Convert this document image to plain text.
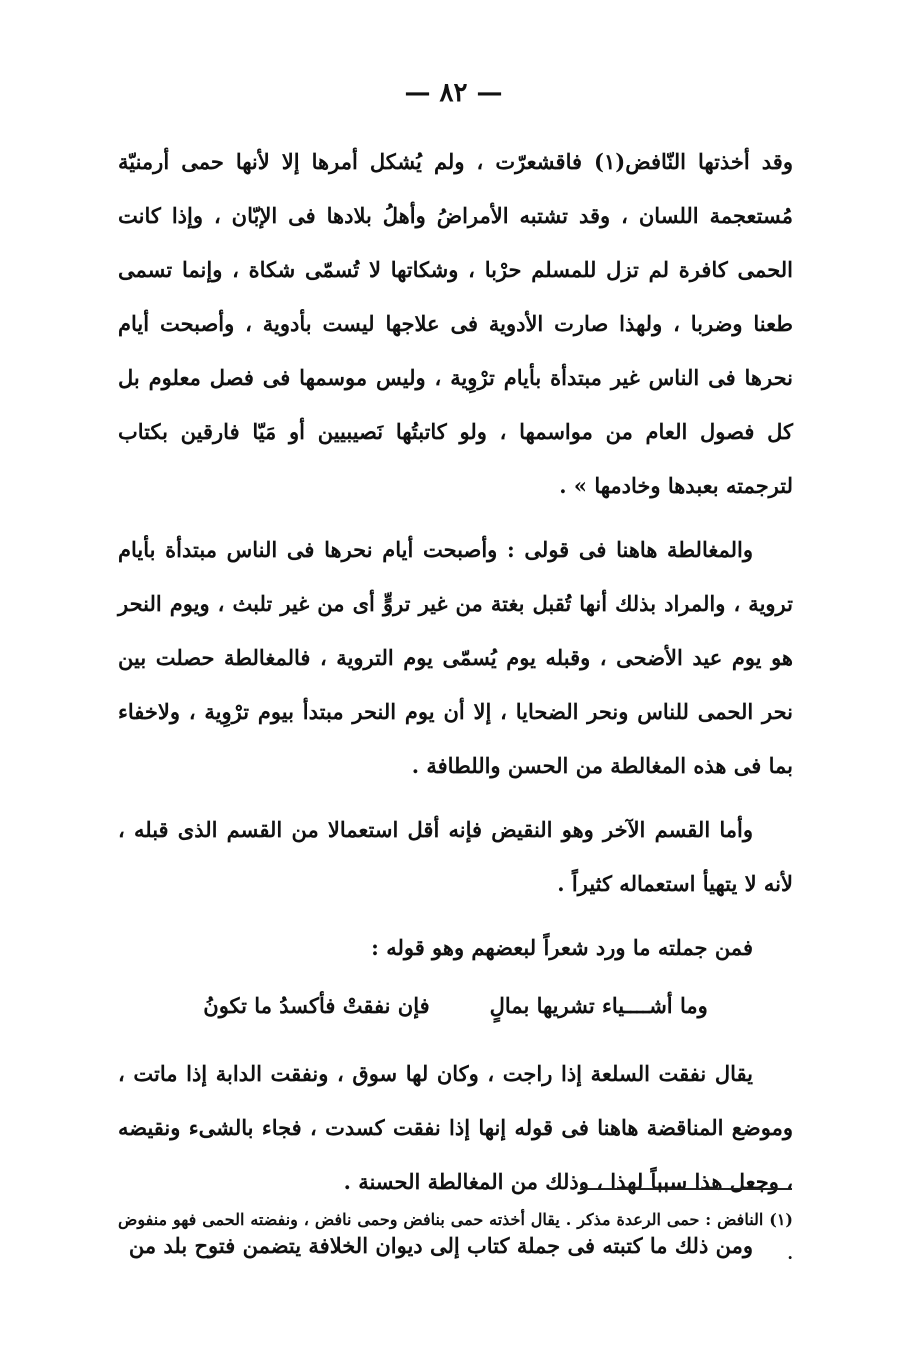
— ٨٢ —

وقد أخذتها النّافض(١) فاقشعرّت ، ولم يُشكل أمرها إلا لأنها حمى أرمنيّة مُستعجمة اللسان ، وقد تشتبه الأمراضُ وأهلُ بلادها فى الإبّان ، وإذا كانت الحمى كافرة لم تزل للمسلم حرْبا ، وشكاتها لا تُسمّى شكاة ، وإنما تسمى طعنا وضربا ، ولهذا صارت الأدوية فى علاجها ليست بأدوية ، وأصبحت أيام نحرها فى الناس غير مبتدأة بأيام ترْوِية ، وليس موسمها فى فصل معلوم بل كل فصول العام من مواسمها ، ولو كاتبتُها نَصيبيين أو مَيّا فارقين بكتاب لترجمته بعبدها وخادمها » .

والمغالطة هاهنا فى قولى : وأصبحت أيام نحرها فى الناس مبتدأة بأيام تروية ، والمراد بذلك أنها تُقبل بغتة من غير تروٍّ أى من غير تلبث ، ويوم النحر هو يوم عيد الأضحى ، وقبله يوم يُسمّى يوم التروية ، فالمغالطة حصلت بين نحر الحمى للناس ونحر الضحايا ، إلا أن يوم النحر مبتدأ بيوم ترْوِية ، ولاخفاء بما فى هذه المغالطة من الحسن واللطافة .

وأما القسم الآخر وهو النقيض فإنه أقل استعمالا من القسم الذى قبله ، لأنه لا يتهيأ استعماله كثيراً .

فمن جملته ما ورد شعراً لبعضهم وهو قوله :

وما أشــــياء تشريها بمالٍ
فإن نفقتْ فأكسدُ ما تكونُ

يقال نفقت السلعة إذا راجت ، وكان لها سوق ، ونفقت الدابة إذا ماتت ، وموضع المناقضة هاهنا فى قوله إنها إذا نفقت كسدت ، فجاء بالشىء ونقيضه ، وجعل هذا سبباً لهذا ، وذلك من المغالطة الحسنة .

ومن ذلك ما كتبته فى جملة كتاب إلى ديوان الخلافة يتضمن فتوح بلد من

(١) النافض : حمى الرعدة مذكر . يقال أخذته حمى بنافض وحمى نافض ، ونفضته الحمى فهو منفوض .
